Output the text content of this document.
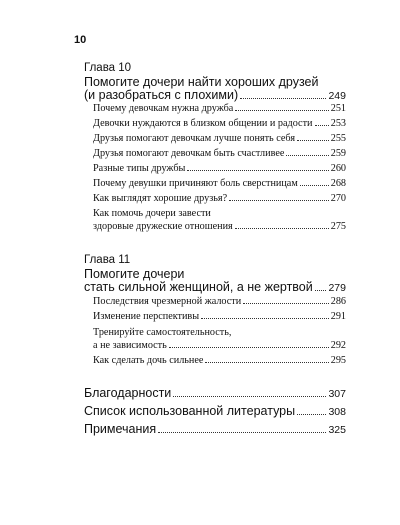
10
Глава 10
Помогите дочери найти хороших друзей
(и разобраться с плохими)	249
Почему девочкам нужна дружба	251
Девочки нуждаются в близком общении и радости 253
Друзья помогают девочкам лучше понять себя	255
Друзья помогают девочкам быть счастливее	259
Разные типы дружбы	260
Почему девушки причиняют боль сверстницам	268
Как выглядят хорошие друзья?	270
Как помочь дочери завести
здоровые дружеские отношения	275
Глава 11
Помогите дочери
стать сильной женщиной, а не жертвой 279
Последствия чрезмерной жалости	286
Изменение перспективы	291
Тренируйте самостоятельность,
а не зависимость	292
Как сделать дочь сильнее	295
Благодарности	307
Список использованной литературы	308
Примечания	325
